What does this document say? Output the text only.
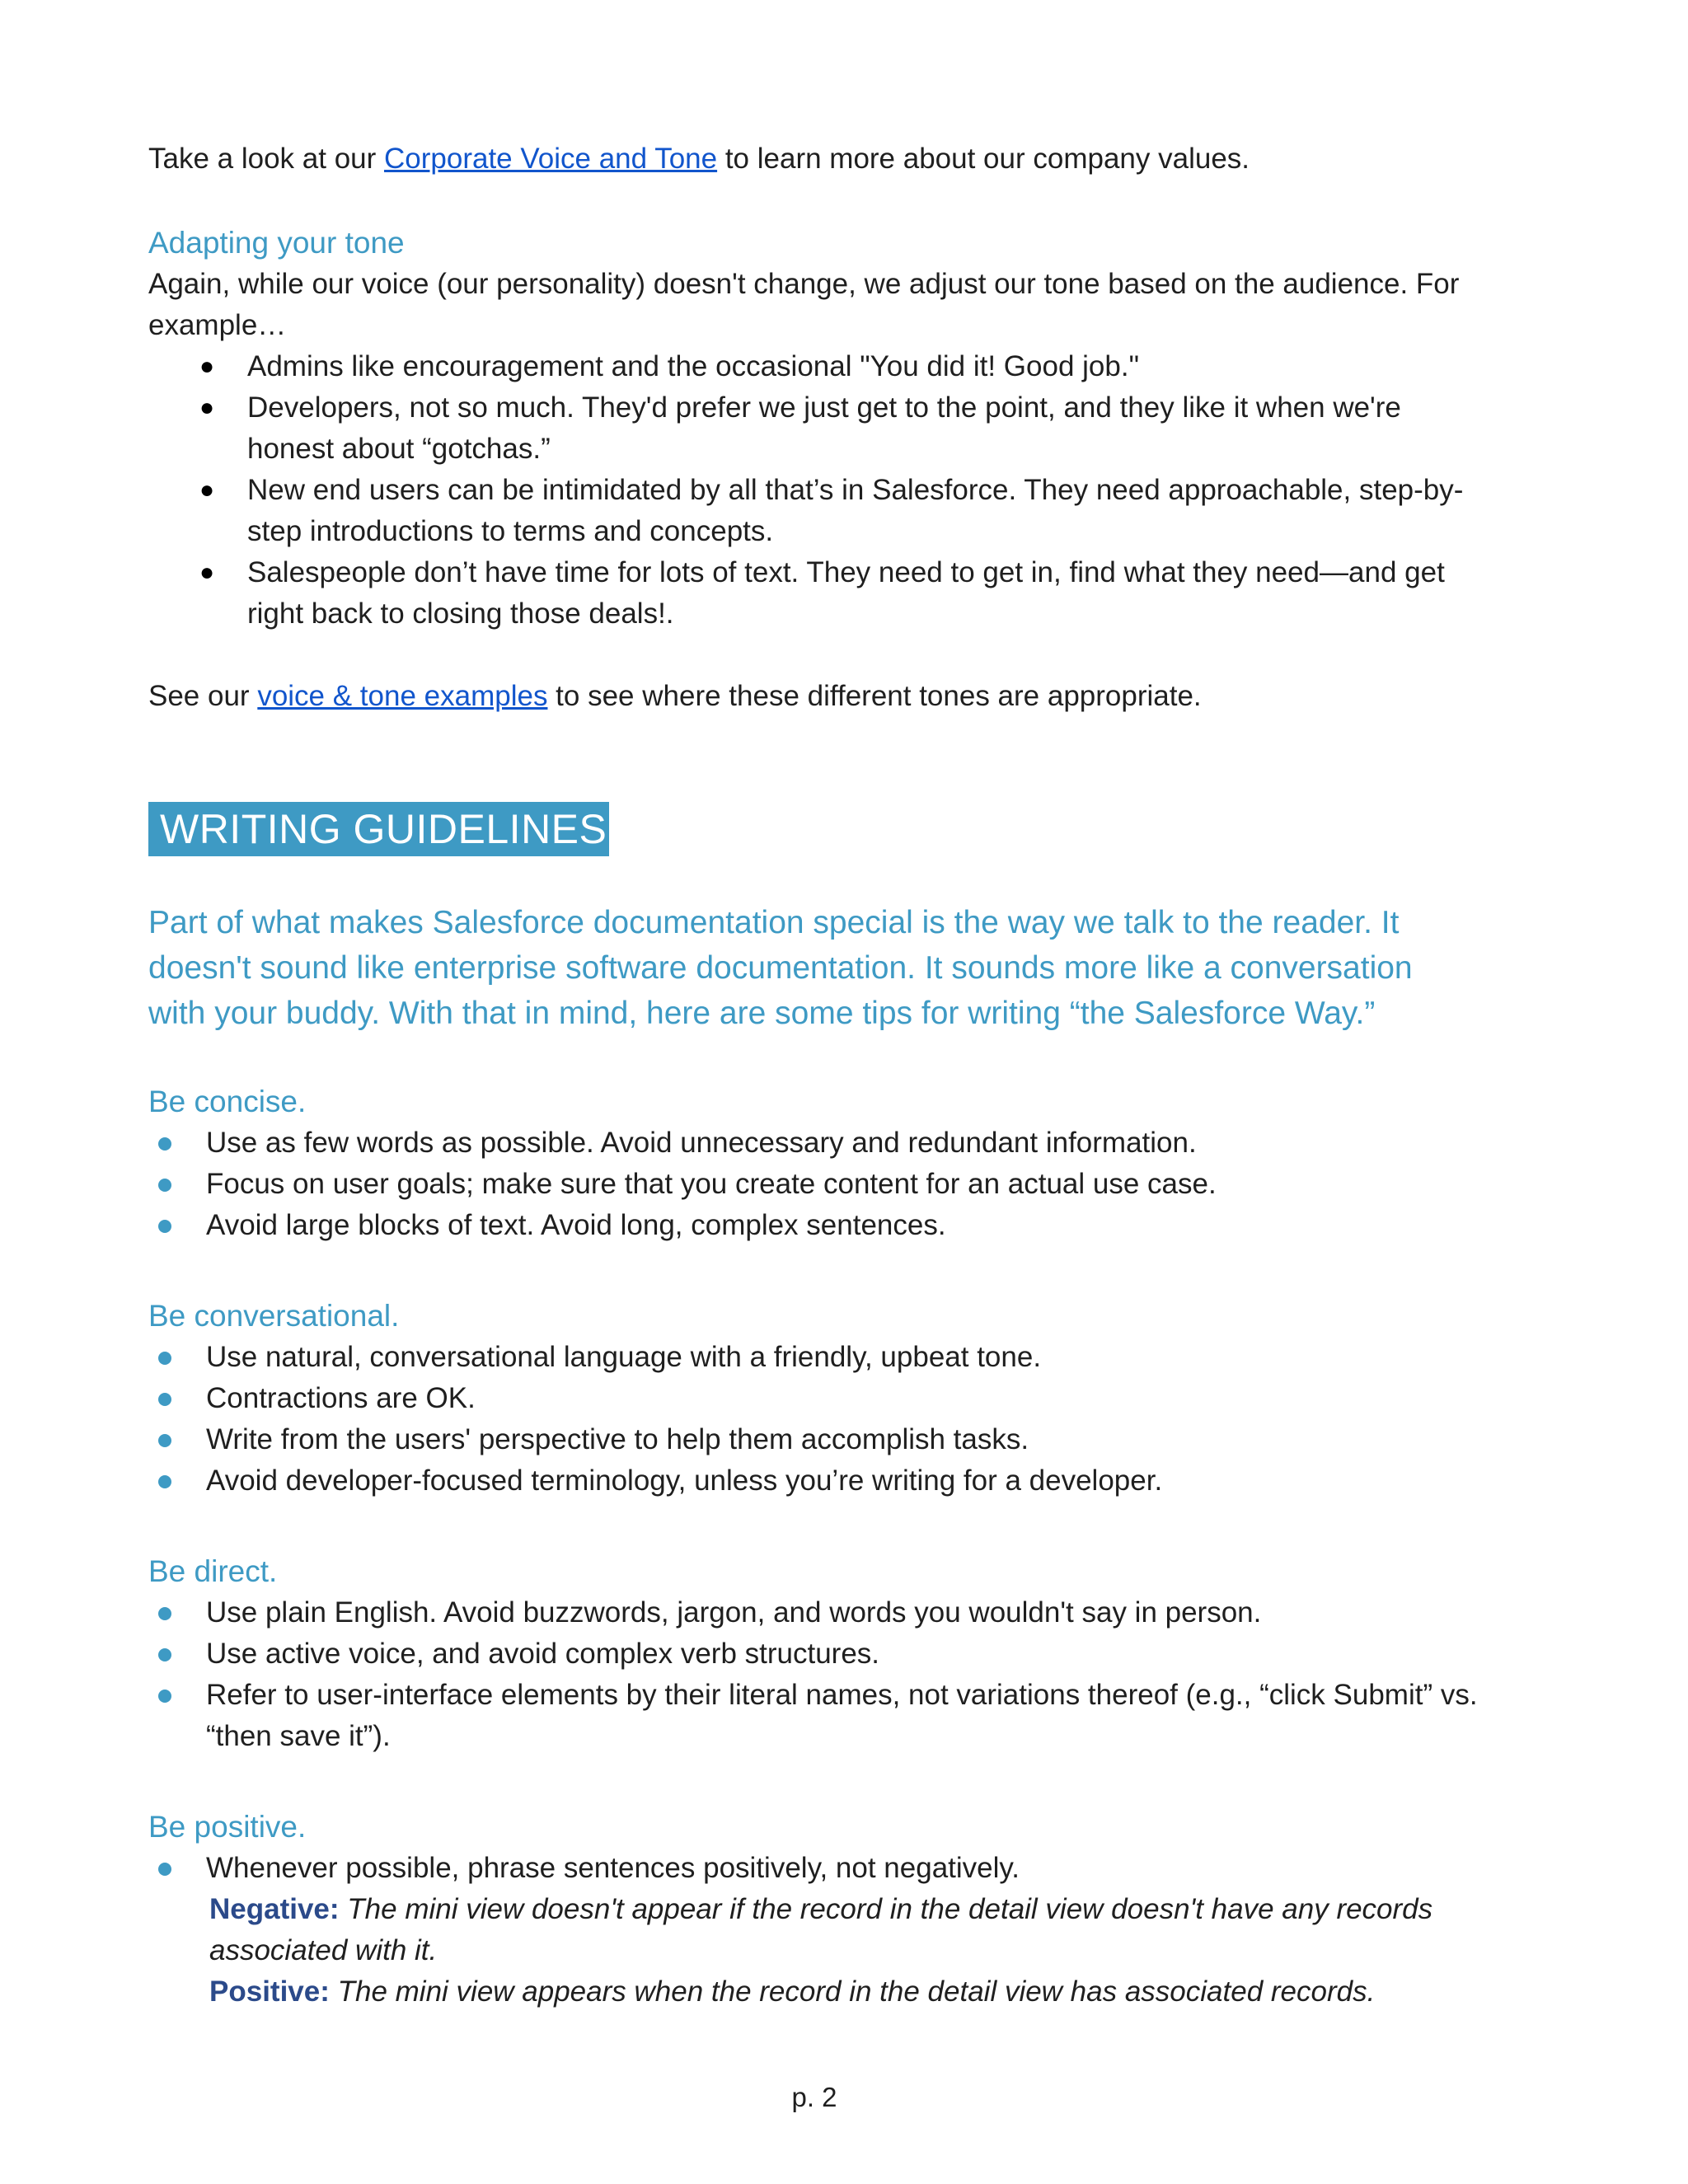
Take a look at our Corporate Voice and Tone to learn more about our company values.

Adapting your tone

Again, while our voice (our personality) doesn't change, we adjust our tone based on the audience. For example…

● Admins like encouragement and the occasional "You did it! Good job."
● Developers, not so much. They'd prefer we just get to the point, and they like it when we're honest about “gotchas.”
● New end users can be intimidated by all that’s in Salesforce. They need approachable, step-by-step introductions to terms and concepts.
● Salespeople don’t have time for lots of text. They need to get in, find what they need—and get right back to closing those deals!.

See our voice & tone examples to see where these different tones are appropriate.

WRITING GUIDELINES

Part of what makes Salesforce documentation special is the way we talk to the reader. It doesn't sound like enterprise software documentation. It sounds more like a conversation with your buddy. With that in mind, here are some tips for writing “the Salesforce Way.”

Be concise.
Use as few words as possible. Avoid unnecessary and redundant information.
Focus on user goals; make sure that you create content for an actual use case.
Avoid large blocks of text. Avoid long, complex sentences.
Be conversational.
Use natural, conversational language with a friendly, upbeat tone.
Contractions are OK.
Write from the users' perspective to help them accomplish tasks.
Avoid developer-focused terminology, unless you’re writing for a developer.
Be direct.
Use plain English. Avoid buzzwords, jargon, and words you wouldn't say in person.
Use active voice, and avoid complex verb structures.
Refer to user-interface elements by their literal names, not variations thereof (e.g., “click Submit” vs. “then save it”).
Be positive.
Whenever possible, phrase sentences positively, not negatively.

Negative: The mini view doesn't appear if the record in the detail view doesn't have any records associated with it.

Positive: The mini view appears when the record in the detail view has associated records.

p. 2
